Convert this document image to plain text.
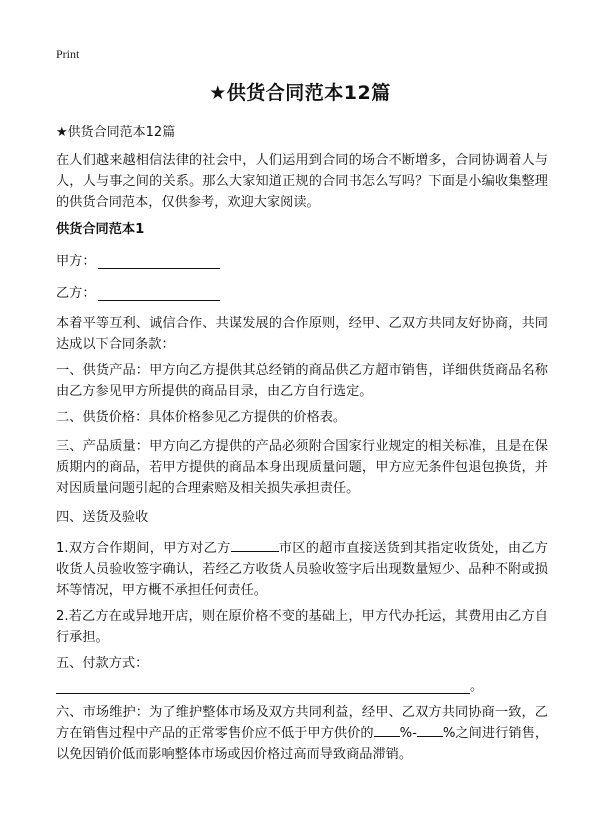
Print
★供货合同范本12篇
★供货合同范本12篇
在人们越来越相信法律的社会中，人们运用到合同的场合不断增多，合同协调着人与人，人与事之间的关系。那么大家知道正规的合同书怎么写吗？下面是小编收集整理的供货合同范本，仅供参考，欢迎大家阅读。
供货合同范本1
甲方：
乙方：
本着平等互利、诚信合作、共谋发展的合作原则，经甲、乙双方共同友好协商，共同达成以下合同条款：
一、供货产品：甲方向乙方提供其总经销的商品供乙方超市销售，详细供货商品名称由乙方参见甲方所提供的商品目录，由乙方自行选定。
二、供货价格：具体价格参见乙方提供的价格表。
三、产品质量：甲方向乙方提供的产品必须附合国家行业规定的相关标准，且是在保质期内的商品，若甲方提供的商品本身出现质量问题，甲方应无条件包退包换货，并对因质量问题引起的合理索赔及相关损失承担责任。
四、送货及验收
1.双方合作期间，甲方对乙方	市区的超市直接送货到其指定收货处，由乙方收货人员验收签字确认，若经乙方收货人员验收签字后出现数量短少、品种不附或损坏等情况，甲方概不承担任何责任。
2.若乙方在或异地开店，则在原价格不变的基础上，甲方代办托运，其费用由乙方自行承担。
五、付款方式：
。
六、市场维护：为了维护整体市场及双方共同利益，经甲、乙双方共同协商一致，乙方在销售过程中产品的正常零售价应不低于甲方供价的 %- %之间进行销售，以免因销价低而影响整体市场或因价格过高而导致商品滞销。
